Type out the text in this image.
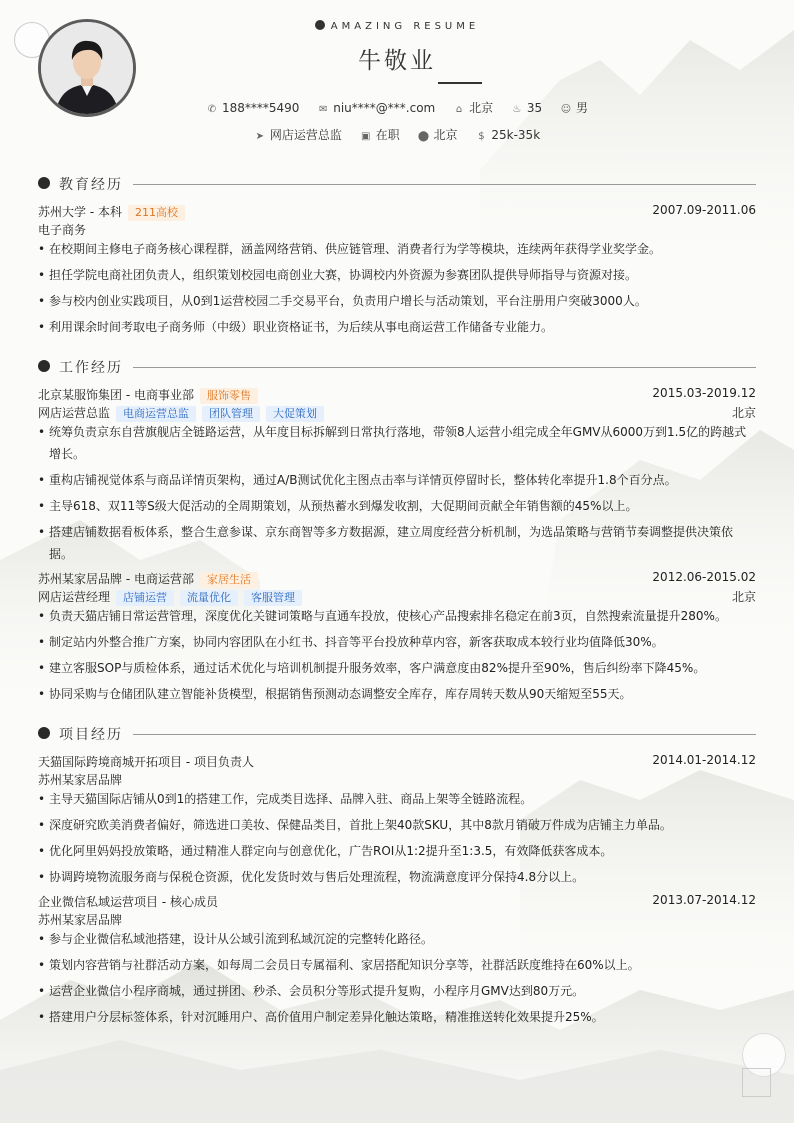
AMAZING RESUME
牛敬业
✆ 188****5490 ✉ niu****@***.com ⌂ 北京 ♨ 35 ☺ 男
➤ 网店运营总监 ▣ 在职 ⬤ 北京 $ 25k-35k
教育经历
苏州大学 - 本科 211高校	2007.09-2011.06
电子商务
• 在校期间主修电子商务核心课程群，涵盖网络营销、供应链管理、消费者行为学等模块，连续两年获得学业奖学金。
• 担任学院电商社团负责人，组织策划校园电商创业大赛，协调校内外资源为参赛团队提供导师指导与资源对接。
• 参与校内创业实践项目，从0到1运营校园二手交易平台，负责用户增长与活动策划，平台注册用户突破3000人。
• 利用课余时间考取电子商务师（中级）职业资格证书，为后续从事电商运营工作储备专业能力。
工作经历
北京某服饰集团 - 电商事业部 服饰零售	2015.03-2019.12
网店运营总监 电商运营总监 团队管理 大促策划	北京
• 统筹负责京东自营旗舰店全链路运营，从年度目标拆解到日常执行落地，带领8人运营小组完成全年GMV从6000万到1.5亿的跨越式增长。
• 重构店铺视觉体系与商品详情页架构，通过A/B测试优化主图点击率与详情页停留时长，整体转化率提升1.8个百分点。
• 主导618、双11等S级大促活动的全周期策划，从预热蓄水到爆发收割，大促期间贡献全年销售额的45%以上。
• 搭建店铺数据看板体系，整合生意参谋、京东商智等多方数据源，建立周度经营分析机制，为选品策略与营销节奏调整提供决策依据。
苏州某家居品牌 - 电商运营部 家居生活	2012.06-2015.02
网店运营经理 店铺运营 流量优化 客服管理	北京
• 负责天猫店铺日常运营管理，深度优化关键词策略与直通车投放，使核心产品搜索排名稳定在前3页，自然搜索流量提升280%。
• 制定站内外整合推广方案，协同内容团队在小红书、抖音等平台投放种草内容，新客获取成本较行业均值降低30%。
• 建立客服SOP与质检体系，通过话术优化与培训机制提升服务效率，客户满意度由82%提升至90%，售后纠纷率下降45%。
• 协同采购与仓储团队建立智能补货模型，根据销售预测动态调整安全库存，库存周转天数从90天缩短至55天。
项目经历
天猫国际跨境商城开拓项目 - 项目负责人	2014.01-2014.12
苏州某家居品牌
• 主导天猫国际店铺从0到1的搭建工作，完成类目选择、品牌入驻、商品上架等全链路流程。
• 深度研究欧美消费者偏好，筛选进口美妆、保健品类目，首批上架40款SKU，其中8款月销破万件成为店铺主力单品。
• 优化阿里妈妈投放策略，通过精准人群定向与创意优化，广告ROI从1:2提升至1:3.5，有效降低获客成本。
• 协调跨境物流服务商与保税仓资源，优化发货时效与售后处理流程，物流满意度评分保持4.8分以上。
企业微信私域运营项目 - 核心成员	2013.07-2014.12
苏州某家居品牌
• 参与企业微信私域池搭建，设计从公域引流到私域沉淀的完整转化路径。
• 策划内容营销与社群活动方案，如每周二会员日专属福利、家居搭配知识分享等，社群活跃度维持在60%以上。
• 运营企业微信小程序商城，通过拼团、秒杀、会员积分等形式提升复购，小程序月GMV达到80万元。
• 搭建用户分层标签体系，针对沉睡用户、高价值用户制定差异化触达策略，精准推送转化效果提升25%。
